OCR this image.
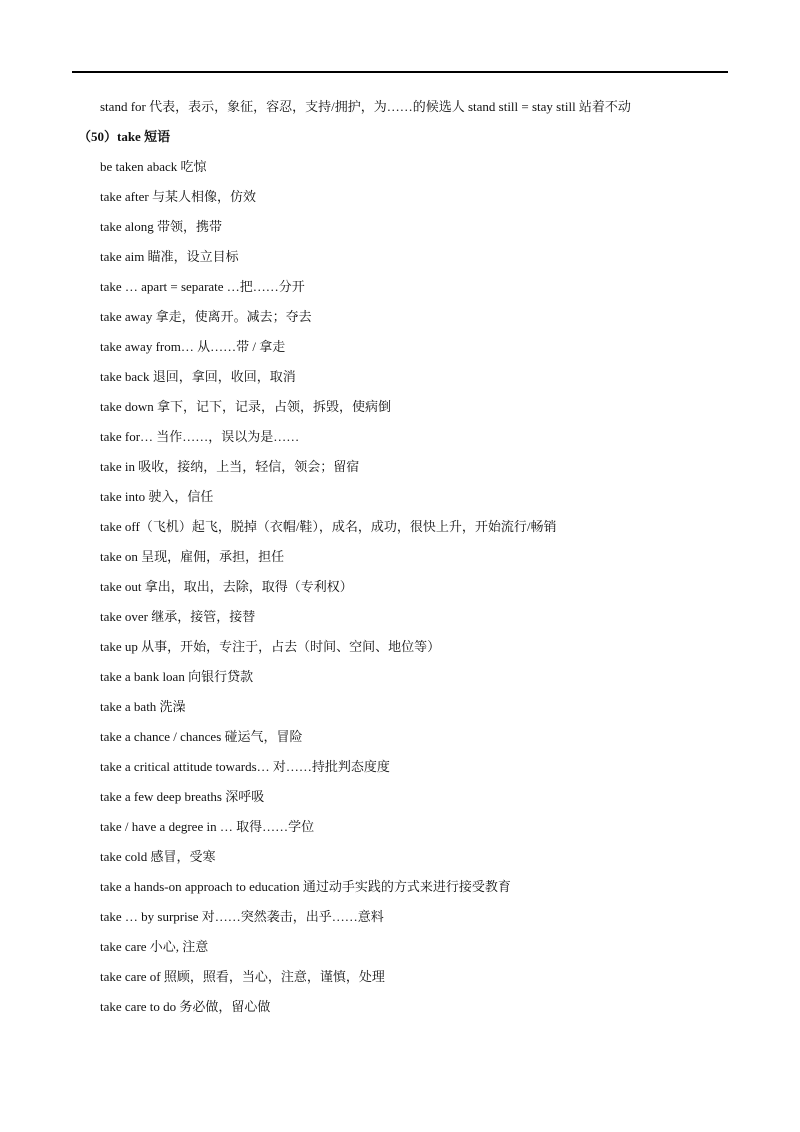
stand for 代表，表示，象征，容忍，支持/拥护，为……的候选人 stand still = stay still 站着不动
（50）take 短语
be taken aback 吃惊
take after 与某人相像，仿效
take along 带领，携带
take aim 瞄准，设立目标
take … apart = separate …把……分开
take away 拿走，使离开。减去；夺去
take away from… 从……带 / 拿走
take back 退回，拿回，收回，取消
take down 拿下，记下，记录，占领，拆毁，使病倒
take for… 当作……，误以为是……
take in 吸收，接纳，上当，轻信，领会；留宿
take into 驶入，信任
take off（飞机）起飞，脱掉（衣帽/鞋），成名，成功，很快上升，开始流行/畅销
take on 呈现，雇佣，承担，担任
take out 拿出，取出，去除，取得（专利权）
take over 继承，接管，接替
take up 从事，开始，专注于，占去（时间、空间、地位等）
take a bank loan 向银行贷款
take a bath 洗澡
take a chance / chances 碰运气，冒险
take a critical attitude towards… 对……持批判态度度
take a few deep breaths 深呼吸
take / have a degree in … 取得……学位
take cold 感冒，受寒
take a hands-on approach to education 通过动手实践的方式来进行接受教育
take … by surprise 对……突然袭击，出乎……意料
take care 小心, 注意
take care of 照顾，照看，当心，注意，谨慎，处理
take care to do 务必做，留心做
